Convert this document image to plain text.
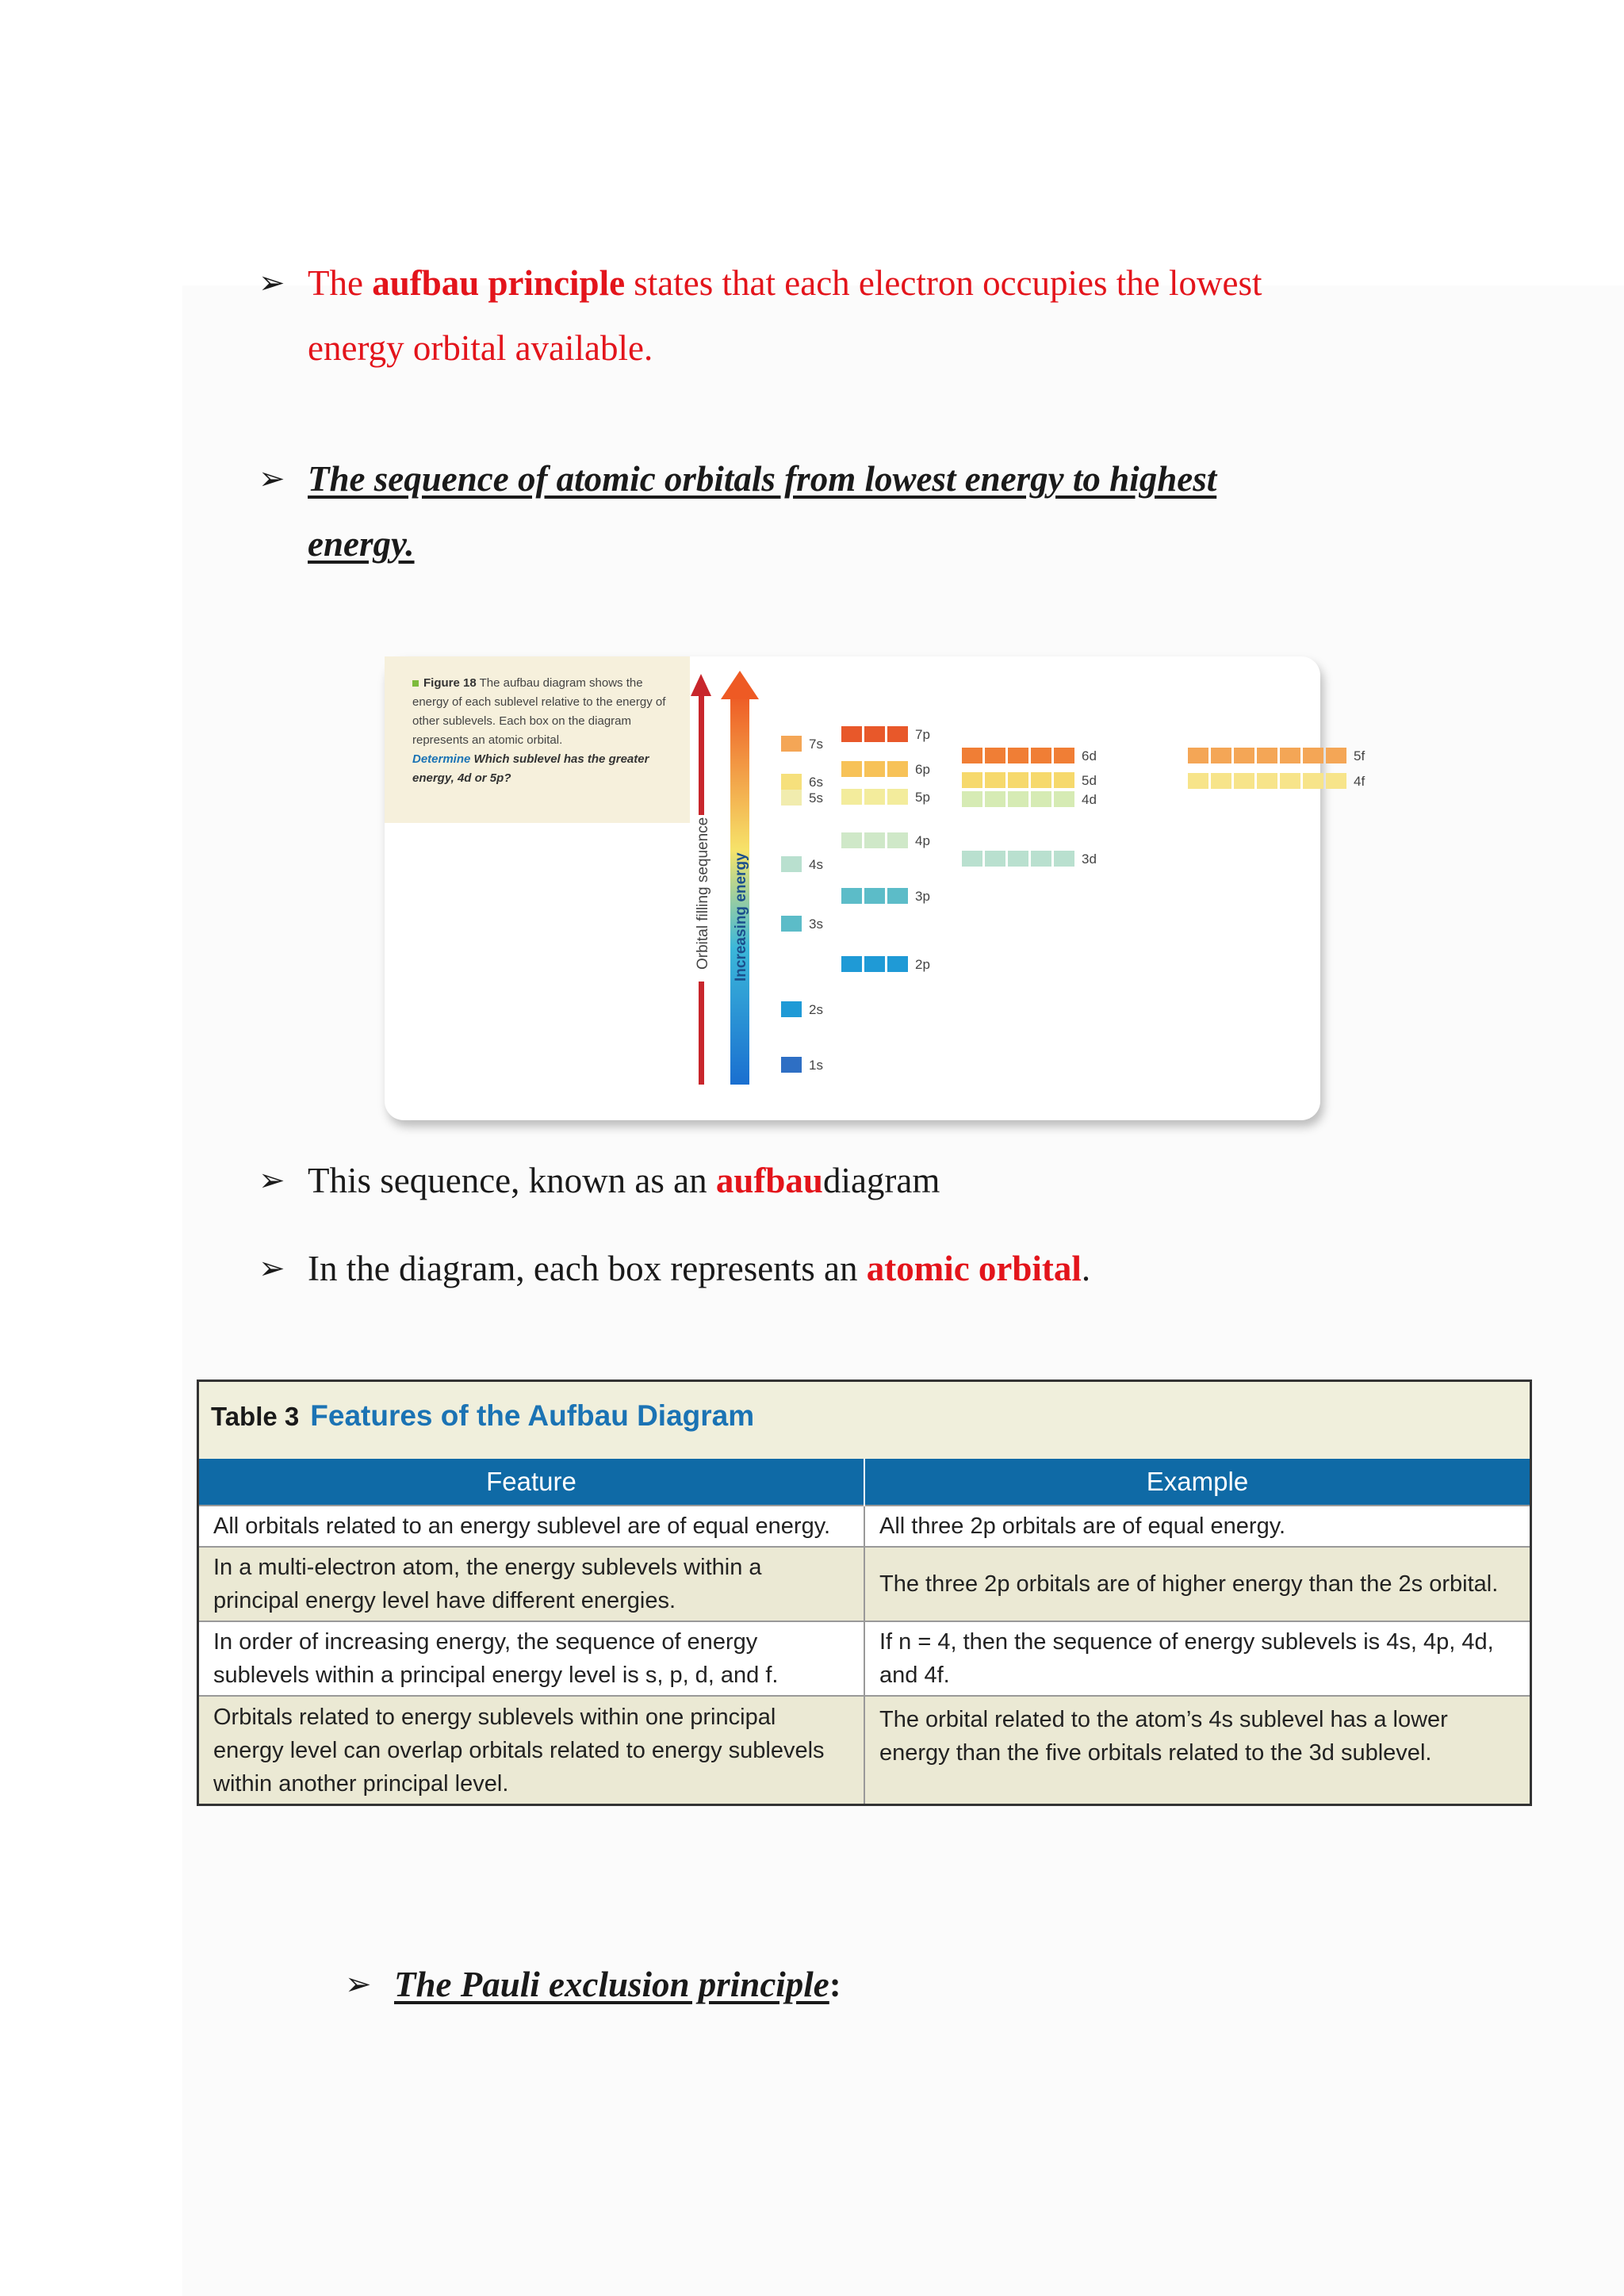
➢ The aufbau principle states that each electron occupies the lowest
energy orbital available.
➢ The sequence of atomic orbitals from lowest energy to highest
energy.
Figure 18 The aufbau diagram shows the energy of each sublevel relative to the energy of other sublevels. Each box on the diagram represents an atomic orbital.
Determine Which sublevel has the greater energy, 4d or 5p?
Orbital filling sequence Increasing energy
1s
2s
2p
3s
3p
3d
4s
4p
4d
4f
5s	5p
5d
5f
6s
6p
6d
7s
7p
➢ This sequence, known as an aufbaudiagram
➢ In the diagram, each box represents an atomic orbital.
Table 3 Features of the Aufbau Diagram
Feature	Example
All orbitals related to an energy sublevel are of equal energy.	All three 2p orbitals are of equal energy.
In a multi-electron atom, the energy sublevels within a principal energy level have different energies.	The three 2p orbitals are of higher energy than the 2s orbital.
In order of increasing energy, the sequence of energy sublevels within a principal energy level is s, p, d, and f.	If n = 4, then the sequence of energy sublevels is 4s, 4p, 4d, and 4f.
Orbitals related to energy sublevels within one principal energy level can overlap orbitals related to energy sublevels within another principal level.	The orbital related to the atom’s 4s sublevel has a lower energy than the five orbitals related to the 3d sublevel.
➢ The Pauli exclusion principle:
